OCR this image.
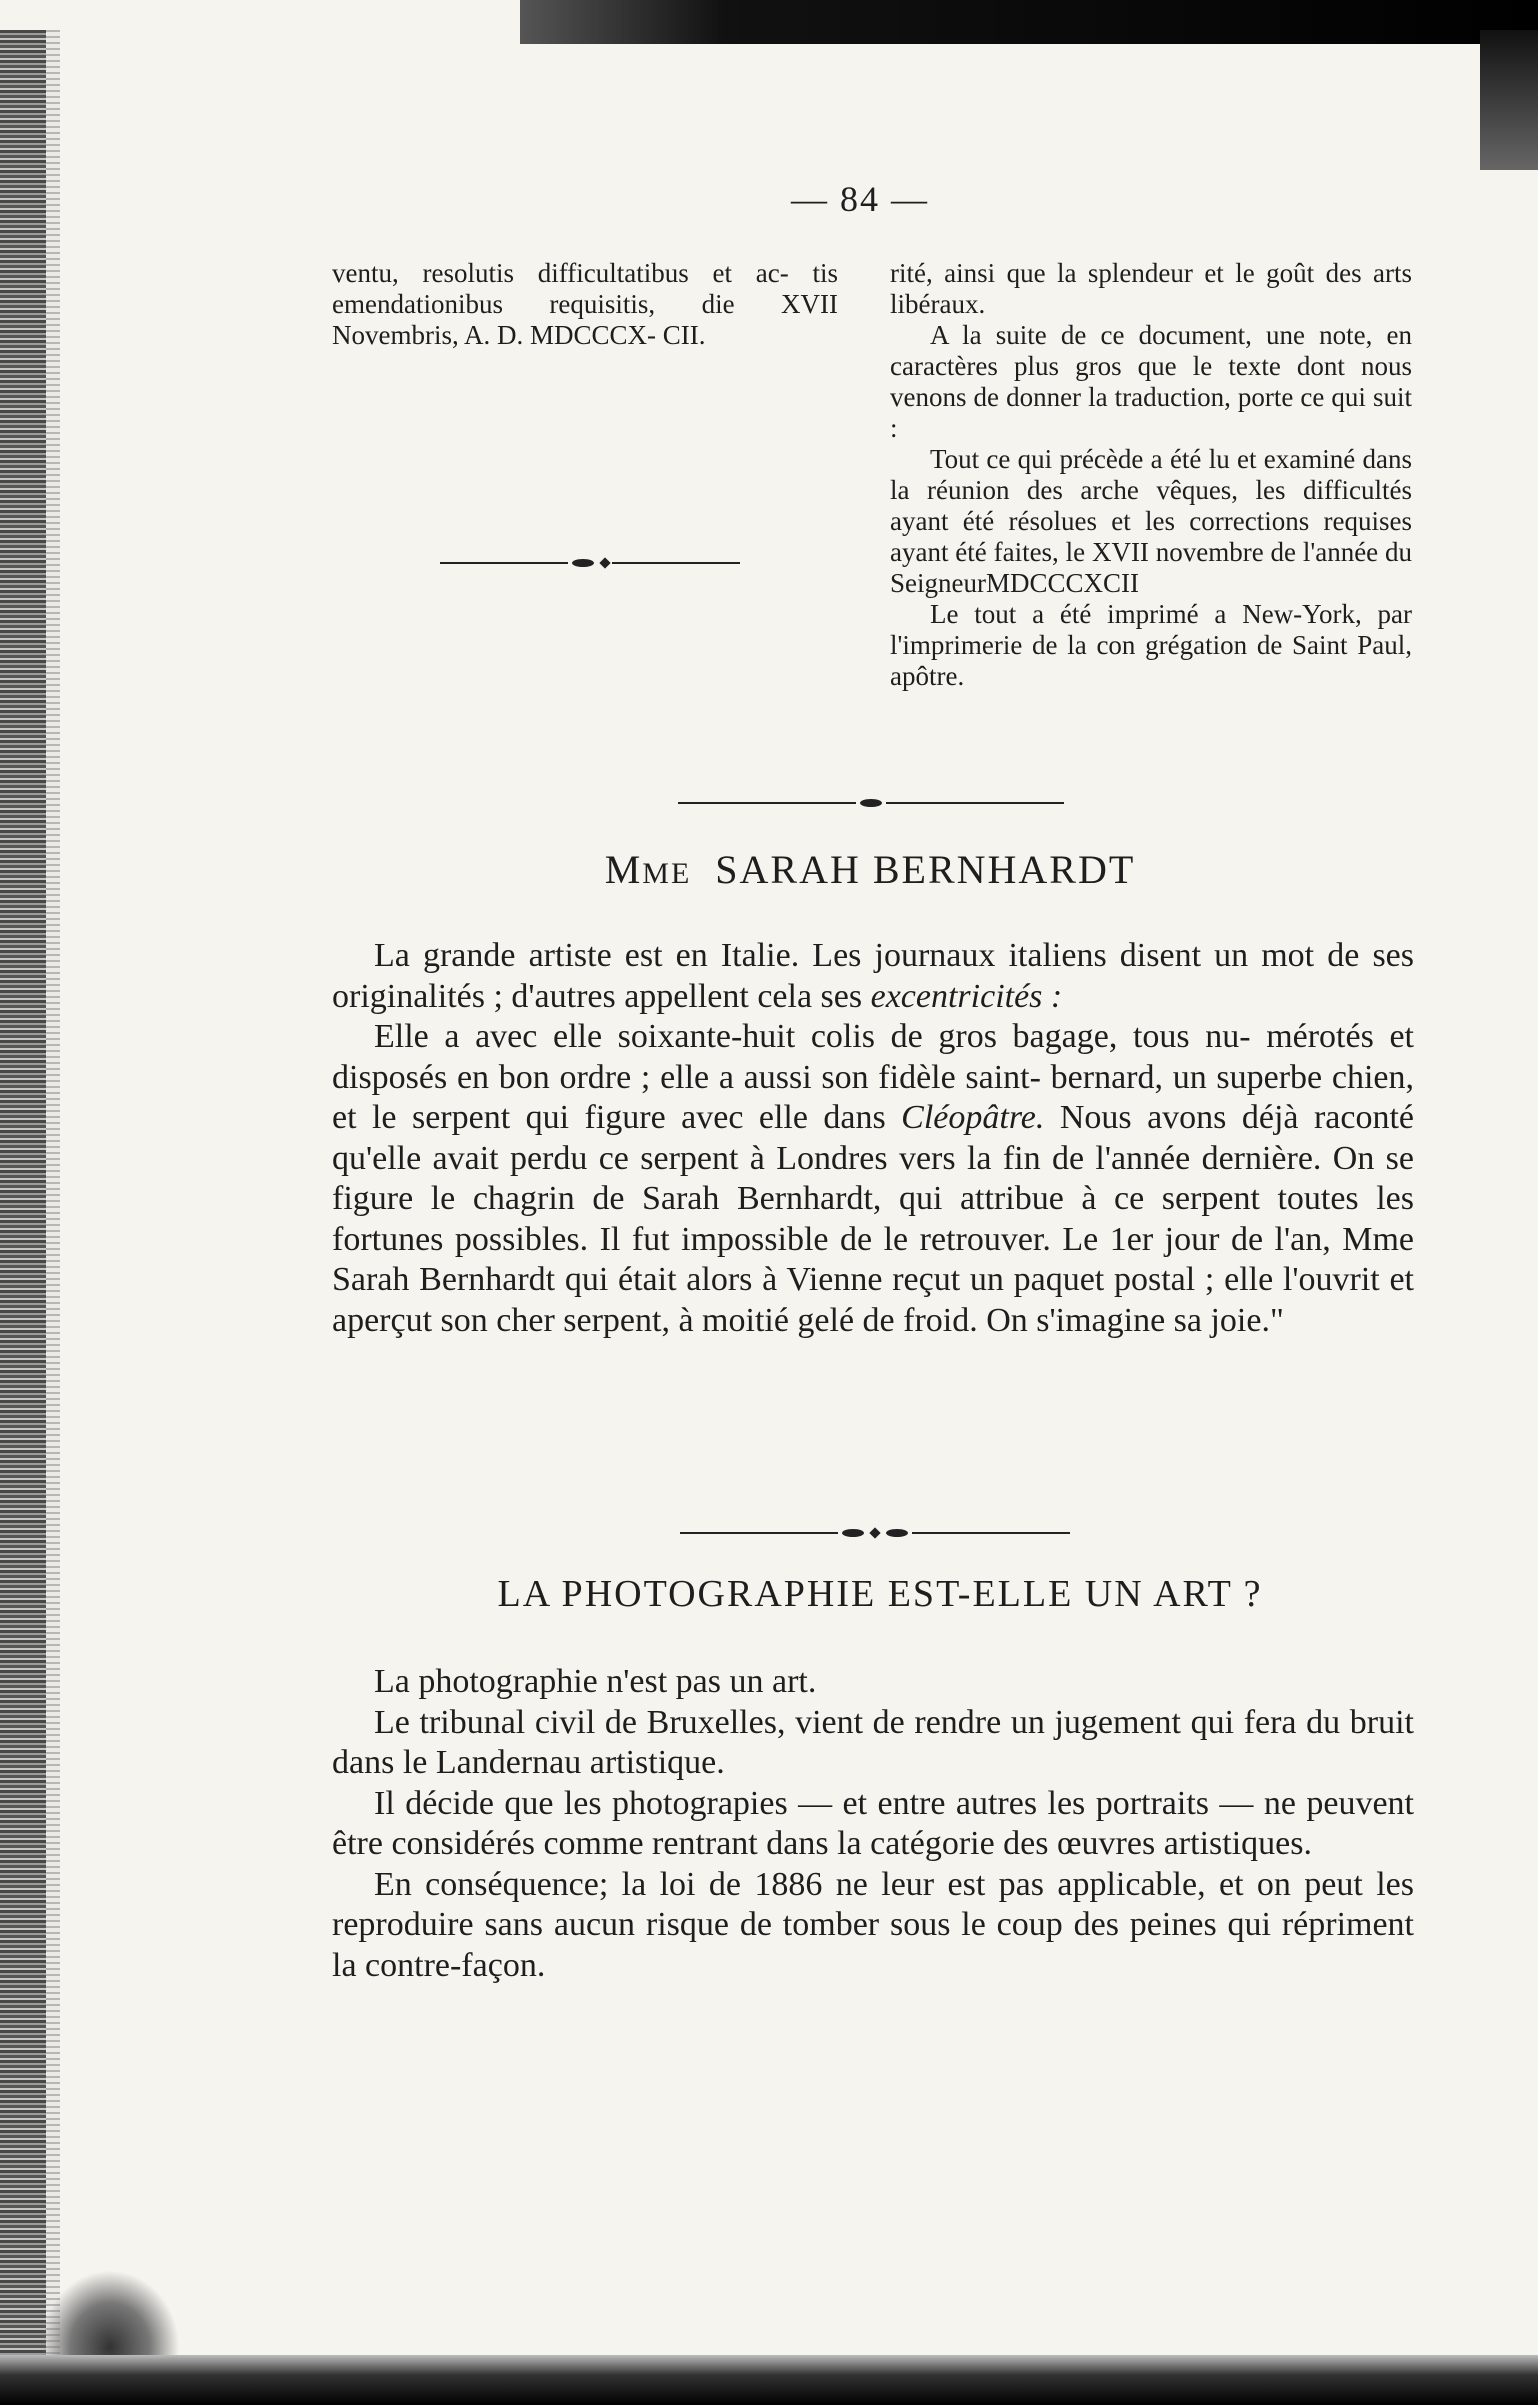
— 84 —

ventu, resolutis difficultatibus et ac- tis emendationibus requisitis, die XVII Novembris, A. D. MDCCCX- CII.

rité, ainsi que la splendeur et le goût des arts libéraux.

A la suite de ce document, une note, en caractères plus gros que le texte dont nous venons de donner la traduction, porte ce qui suit :

Tout ce qui précède a été lu et examiné dans la réunion des arche vêques, les difficultés ayant été résolues et les corrections requises ayant été faites, le XVII novembre de l'année du SeigneurMDCCCXCII

Le tout a été imprimé a New-York, par l'imprimerie de la con grégation de Saint Paul, apôtre.

MME SARAH BERNHARDT

La grande artiste est en Italie. Les journaux italiens disent un mot de ses originalités ; d'autres appellent cela ses excentricités :

Elle a avec elle soixante-huit colis de gros bagage, tous nu- mérotés et disposés en bon ordre ; elle a aussi son fidèle saint- bernard, un superbe chien, et le serpent qui figure avec elle dans Cléopâtre. Nous avons déjà raconté qu'elle avait perdu ce serpent à Londres vers la fin de l'année dernière. On se figure le chagrin de Sarah Bernhardt, qui attribue à ce serpent toutes les fortunes possibles. Il fut impossible de le retrouver. Le 1er jour de l'an, Mme Sarah Bernhardt qui était alors à Vienne reçut un paquet postal ; elle l'ouvrit et aperçut son cher serpent, à moitié gelé de froid. On s'imagine sa joie."

LA PHOTOGRAPHIE EST-ELLE UN ART ?

La photographie n'est pas un art.

Le tribunal civil de Bruxelles, vient de rendre un jugement qui fera du bruit dans le Landernau artistique.

Il décide que les photograpies — et entre autres les portraits — ne peuvent être considérés comme rentrant dans la catégorie des œuvres artistiques.

En conséquence; la loi de 1886 ne leur est pas applicable, et on peut les reproduire sans aucun risque de tomber sous le coup des peines qui répriment la contre-façon.
